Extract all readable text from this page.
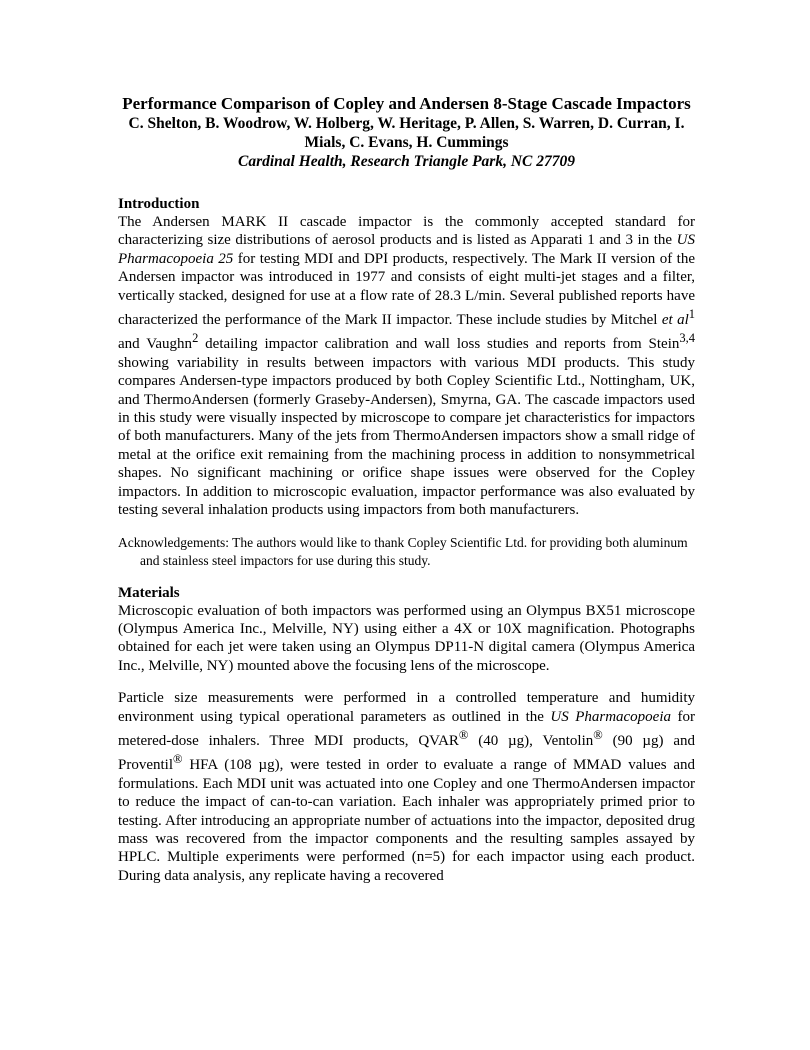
Performance Comparison of Copley and Andersen 8-Stage Cascade Impactors

C. Shelton, B. Woodrow, W. Holberg, W. Heritage, P. Allen, S. Warren, D. Curran, I. Mials, C. Evans, H. Cummings

Cardinal Health, Research Triangle Park, NC 27709

Introduction

The Andersen MARK II cascade impactor is the commonly accepted standard for characterizing size distributions of aerosol products and is listed as Apparati 1 and 3 in the US Pharmacopoeia 25 for testing MDI and DPI products, respectively. The Mark II version of the Andersen impactor was introduced in 1977 and consists of eight multi-jet stages and a filter, vertically stacked, designed for use at a flow rate of 28.3 L/min. Several published reports have characterized the performance of the Mark II impactor. These include studies by Mitchel et $al^1$ and Vaughn$^2$ detailing impactor calibration and wall loss studies and reports from Stein$^{3,4}$ showing variability in results between impactors with various MDI products. This study compares Andersen-type impactors produced by both Copley Scientific Ltd., Nottingham, UK, and ThermoAndersen (formerly Graseby-Andersen), Smyrna, GA. The cascade impactors used in this study were visually inspected by microscope to compare jet characteristics for impactors of both manufacturers. Many of the jets from ThermoAndersen impactors show a small ridge of metal at the orifice exit remaining from the machining process in addition to nonsymmetrical shapes. No significant machining or orifice shape issues were observed for the Copley impactors. In addition to microscopic evaluation, impactor performance was also evaluated by testing several inhalation products using impactors from both manufacturers.

Acknowledgements: The authors would like to thank Copley Scientific Ltd. for providing both aluminum and stainless steel impactors for use during this study.

Materials

Microscopic evaluation of both impactors was performed using an Olympus BX51 microscope (Olympus America Inc., Melville, NY) using either a 4X or 10X magnification. Photographs obtained for each jet were taken using an Olympus DP11-N digital camera (Olympus America Inc., Melville, NY) mounted above the focusing lens of the microscope.

Particle size measurements were performed in a controlled temperature and humidity environment using typical operational parameters as outlined in the US Pharmacopoeia for metered-dose inhalers. Three MDI products, QVAR® (40 µg), Ventolin® (90 µg) and Proventil® HFA (108 µg), were tested in order to evaluate a range of MMAD values and formulations. Each MDI unit was actuated into one Copley and one ThermoAndersen impactor to reduce the impact of can-to-can variation. Each inhaler was appropriately primed prior to testing. After introducing an appropriate number of actuations into the impactor, deposited drug mass was recovered from the impactor components and the resulting samples assayed by HPLC. Multiple experiments were performed (n=5) for each impactor using each product. During data analysis, any replicate having a recovered
